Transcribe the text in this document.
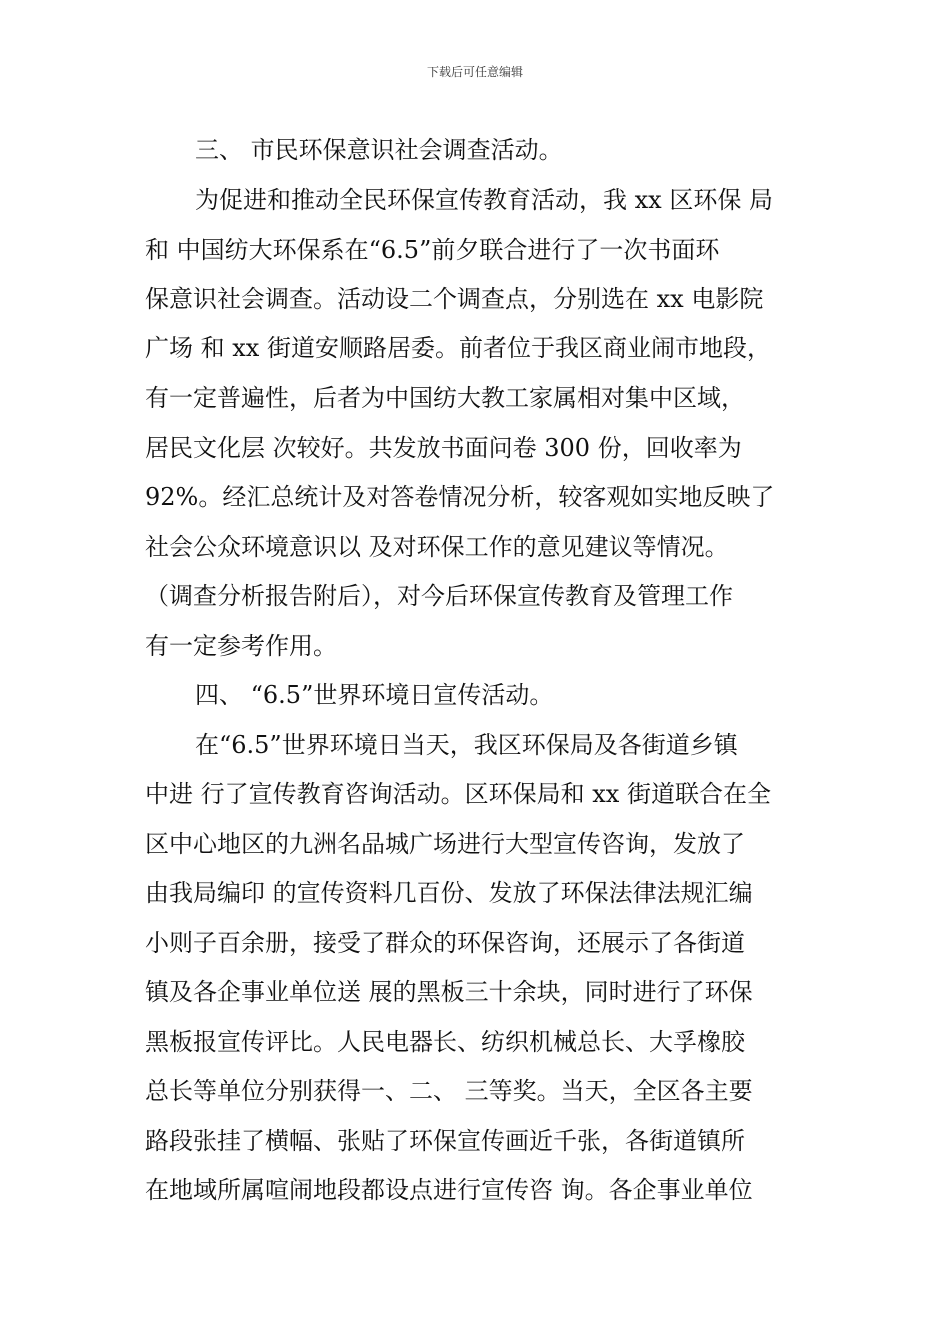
下载后可任意编辑
三、 市民环保意识社会调查活动。
为促进和推动全民环保宣传教育活动，我 xx 区环保 局
和 中国纺大环保系在“6.5”前夕联合进行了一次书面环
保意识社会调查。活动设二个调查点，分别选在 xx 电影院
广场 和 xx 街道安顺路居委。前者位于我区商业闹市地段，
有一定普遍性，后者为中国纺大教工家属相对集中区域，
居民文化层 次较好。共发放书面问卷 300 份，回收率为
92%。经汇总统计及对答卷情况分析，较客观如实地反映了
社会公众环境意识以 及对环保工作的意见建议等情况。
（调查分析报告附后），对今后环保宣传教育及管理工作
有一定参考作用。
四、 “6.5”世界环境日宣传活动。
在“6.5”世界环境日当天，我区环保局及各街道乡镇
中进 行了宣传教育咨询活动。区环保局和 xx 街道联合在全
区中心地区的九洲名品城广场进行大型宣传咨询，发放了
由我局编印 的宣传资料几百份、发放了环保法律法规汇编
小则子百余册，接受了群众的环保咨询，还展示了各街道
镇及各企事业单位送 展的黑板三十余块，同时进行了环保
黑板报宣传评比。人民电器长、纺织机械总长、大孚橡胶
总长等单位分别获得一、二、 三等奖。当天，全区各主要
路段张挂了横幅、张贴了环保宣传画近千张，各街道镇所
在地域所属喧闹地段都设点进行宣传咨 询。各企事业单位
